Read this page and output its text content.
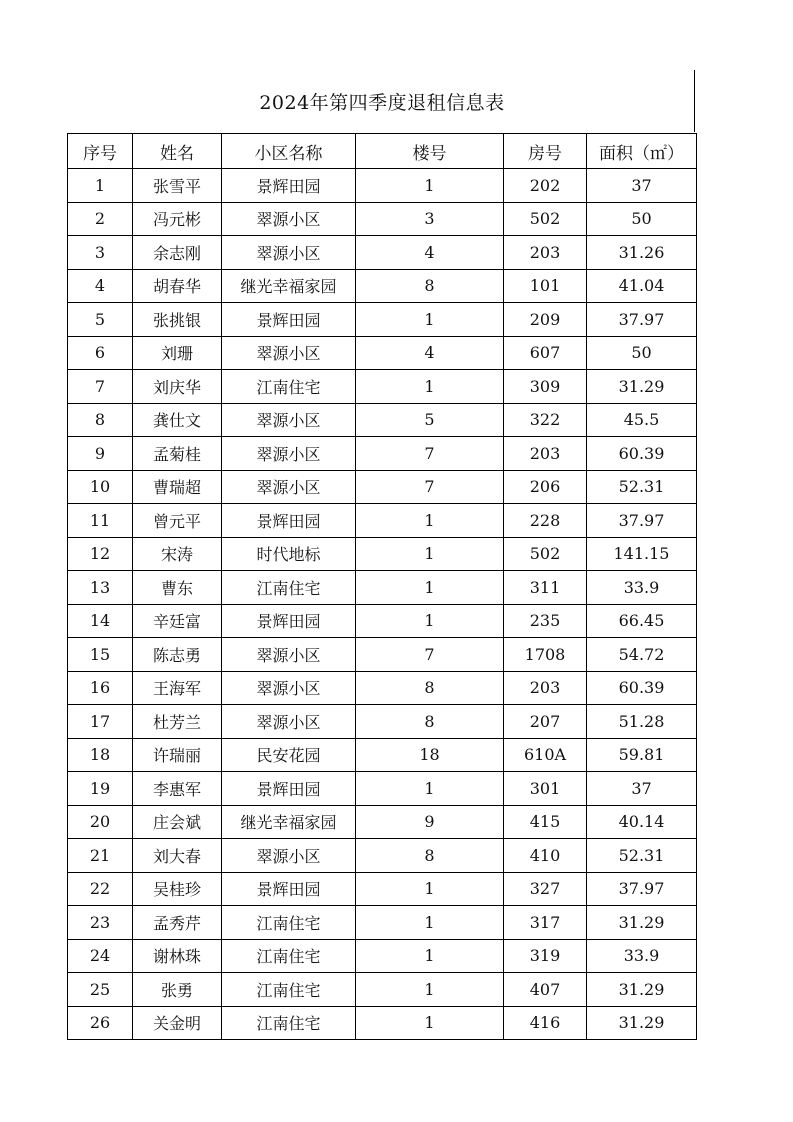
2024年第四季度退租信息表
序号	姓名	小区名称	楼号	房号	面积（㎡）
1	张雪平	景辉田园	1	202	37
2	冯元彬	翠源小区	3	502	50
3	余志刚	翠源小区	4	203	31.26
4	胡春华	继光幸福家园	8	101	41.04
5	张挑银	景辉田园	1	209	37.97
6	刘珊	翠源小区	4	607	50
7	刘庆华	江南住宅	1	309	31.29
8	龚仕文	翠源小区	5	322	45.5
9	孟菊桂	翠源小区	7	203	60.39
10	曹瑞超	翠源小区	7	206	52.31
11	曾元平	景辉田园	1	228	37.97
12	宋涛	时代地标	1	502	141.15
13	曹东	江南住宅	1	311	33.9
14	辛廷富	景辉田园	1	235	66.45
15	陈志勇	翠源小区	7	1708	54.72
16	王海军	翠源小区	8	203	60.39
17	杜芳兰	翠源小区	8	207	51.28
18	许瑞丽	民安花园	18	610A	59.81
19	李惠军	景辉田园	1	301	37
20	庄会斌	继光幸福家园	9	415	40.14
21	刘大春	翠源小区	8	410	52.31
22	吴桂珍	景辉田园	1	327	37.97
23	孟秀芹	江南住宅	1	317	31.29
24	谢林珠	江南住宅	1	319	33.9
25	张勇	江南住宅	1	407	31.29
26	关金明	江南住宅	1	416	31.29
